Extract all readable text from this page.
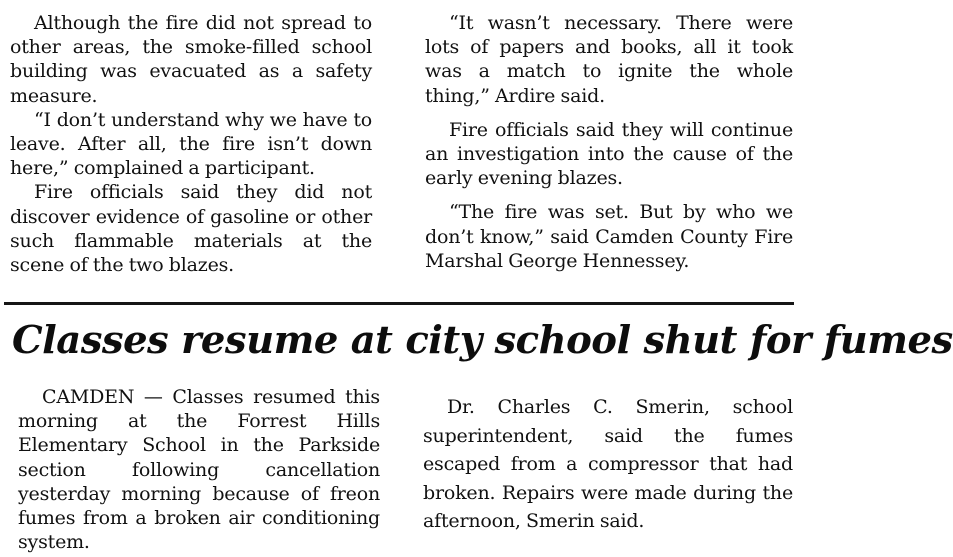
Although the fire did not spread to other areas, the smoke-filled school building was evacuated as a safety measure.

“I don’t understand why we have to leave. After all, the fire isn’t down here,” complained a participant.

Fire officials said they did not discover evidence of gasoline or other such flammable materials at the scene of the two blazes.

“It wasn’t necessary. There were lots of papers and books, all it took was a match to ignite the whole thing,” Ardire said.

Fire officials said they will continue an investigation into the cause of the early evening blazes.

“The fire was set. But by who we don’t know,” said Camden County Fire Marshal George Hennessey.

Classes resume at city school shut for fumes

CAMDEN — Classes resumed this morning at the Forrest Hills Elementary School in the Parkside section following cancellation yesterday morning because of freon fumes from a broken air conditioning system.

Dr. Charles C. Smerin, school superintendent, said the fumes escaped from a compressor that had broken. Repairs were made during the afternoon, Smerin said.
